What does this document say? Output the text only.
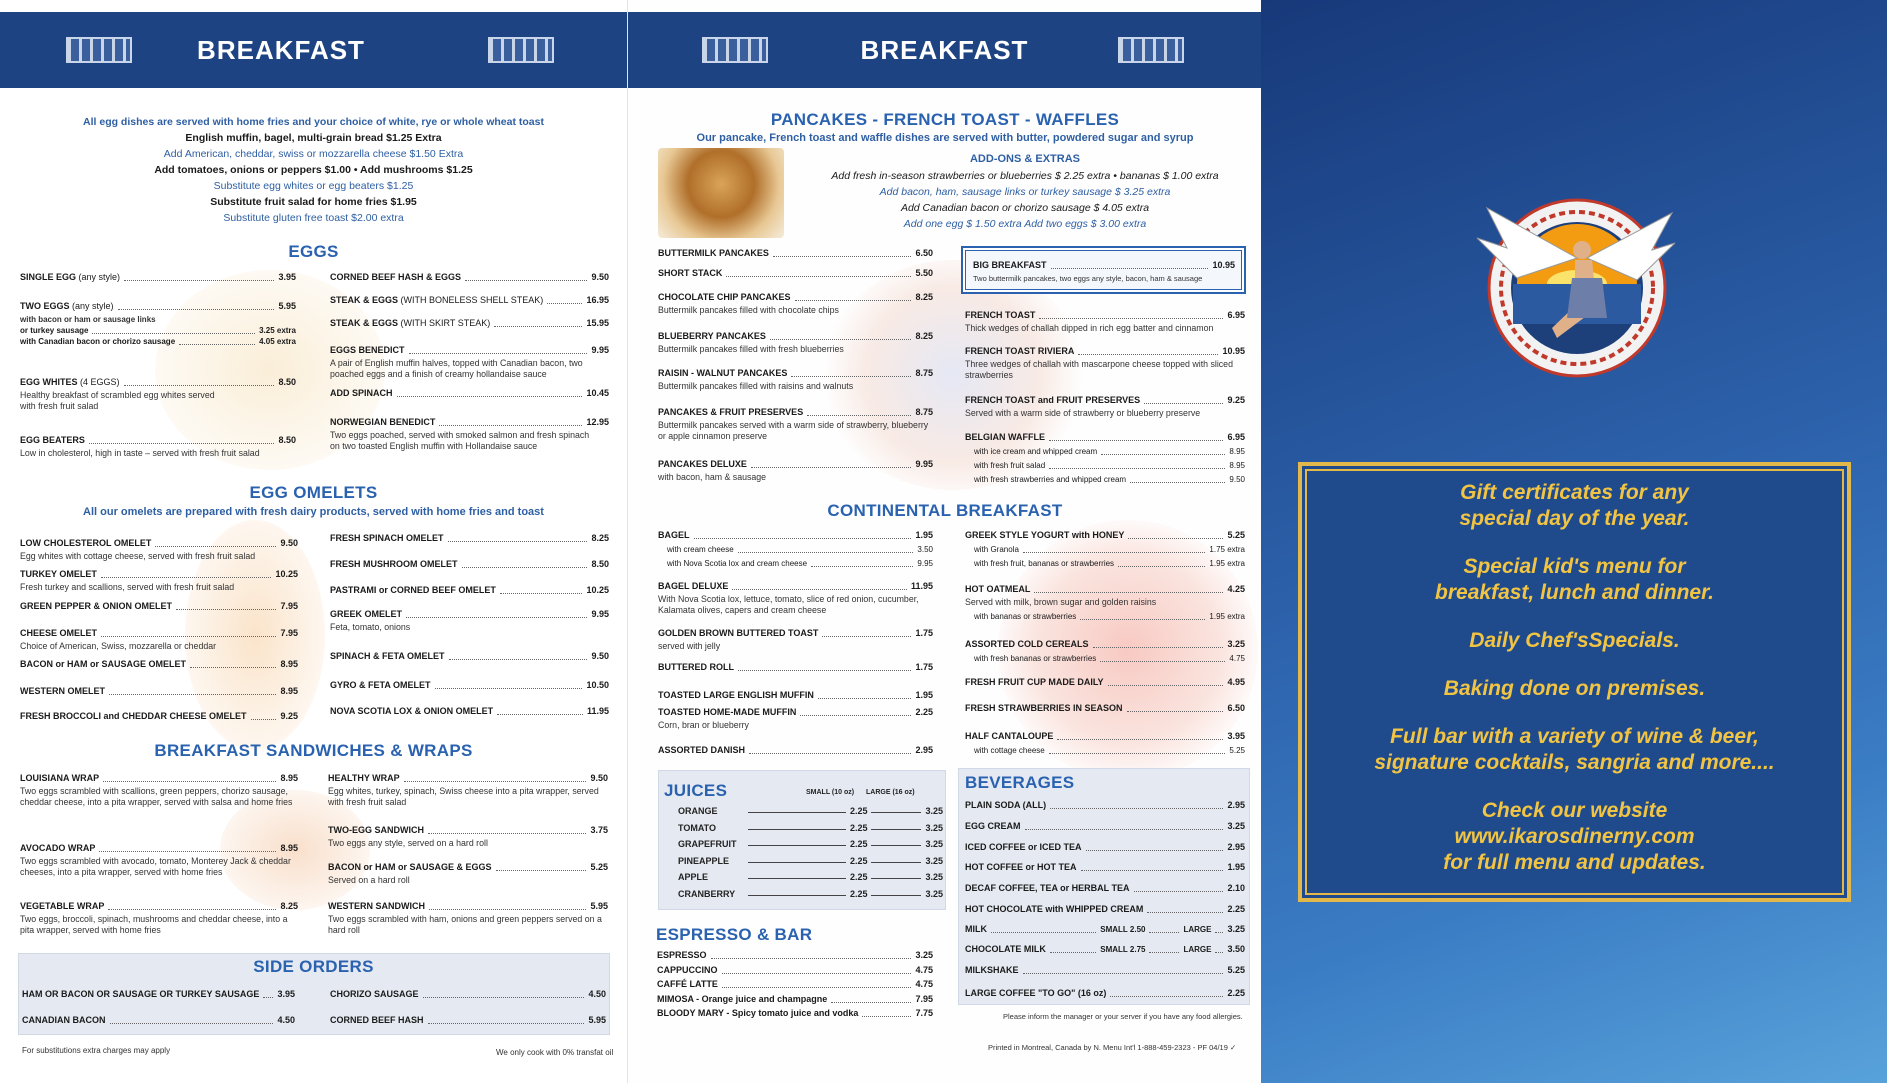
BREAKFAST
All egg dishes are served with home fries and your choice of white, rye or whole wheat toast
English muffin, bagel, multi-grain bread $1.25 Extra
Add American, cheddar, swiss or mozzarella cheese $1.50 Extra
Add tomatoes, onions or peppers $1.00 • Add mushrooms $1.25
Substitute egg whites or egg beaters $1.25
Substitute fruit salad for home fries $1.95
Substitute gluten free toast $2.00 extra
EGGS
SINGLE EGG (any style)	3.95
TWO EGGS (any style)	5.95
with bacon or ham or sausage links
or turkey sausage	3.25 extra
with Canadian bacon or chorizo sausage	4.05 extra
EGG WHITES (4 EGGS)	8.50
Healthy breakfast of scrambled egg whites served with fresh fruit salad
EGG BEATERS	8.50
Low in cholesterol, high in taste – served with fresh fruit salad
CORNED BEEF HASH & EGGS	9.50
STEAK & EGGS (WITH BONELESS SHELL STEAK)	16.95
STEAK & EGGS (WITH SKIRT STEAK)	15.95
EGGS BENEDICT	9.95
A pair of English muffin halves, topped with Canadian bacon, two poached eggs and a finish of creamy hollandaise sauce
ADD SPINACH	10.45
NORWEGIAN BENEDICT	12.95
Two eggs poached, served with smoked salmon and fresh spinach on two toasted English muffin with Hollandaise sauce
EGG OMELETS
All our omelets are prepared with fresh dairy products, served with home fries and toast
BREAKFAST SANDWICHES & WRAPS
SIDE ORDERS
For substitutions extra charges may apply	We only cook with 0% transfat oil
LOW CHOLESTEROL OMELET	9.50
Egg whites with cottage cheese, served with fresh fruit salad
TURKEY OMELET	10.25
Fresh turkey and scallions, served with fresh fruit salad
GREEN PEPPER & ONION OMELET	7.95
CHEESE OMELET	7.95
Choice of American, Swiss, mozzarella or cheddar
BACON or HAM or SAUSAGE OMELET	8.95
WESTERN OMELET	8.95
FRESH BROCCOLI and CHEDDAR CHEESE OMELET	9.25
FRESH SPINACH OMELET	8.25
FRESH MUSHROOM OMELET	8.50
PASTRAMI or CORNED BEEF OMELET	10.25
GREEK OMELET	9.95
Feta, tomato, onions
SPINACH & FETA OMELET	9.50
GYRO & FETA OMELET	10.50
NOVA SCOTIA LOX & ONION OMELET	11.95
LOUISIANA WRAP	8.95
Two eggs scrambled with scallions, green peppers, chorizo sausage, cheddar cheese, into a pita wrapper, served with salsa and home fries
AVOCADO WRAP	8.95
Two eggs scrambled with avocado, tomato, Monterey Jack & cheddar cheeses, into a pita wrapper, served with home fries
VEGETABLE WRAP	8.25
Two eggs, broccoli, spinach, mushrooms and cheddar cheese, into a pita wrapper, served with home fries
HEALTHY WRAP	9.50
Egg whites, turkey, spinach, Swiss cheese into a pita wrapper, served with fresh fruit salad
TWO-EGG SANDWICH	3.75
Two eggs any style, served on a hard roll
BACON or HAM or SAUSAGE & EGGS	5.25
Served on a hard roll
WESTERN SANDWICH	5.95
Two eggs scrambled with ham, onions and green peppers served on a hard roll
HAM OR BACON OR SAUSAGE OR TURKEY SAUSAGE 3.95	CHORIZO SAUSAGE	4.50
CANADIAN BACON	4.50	CORNED BEEF HASH	5.95
BREAKFAST
PANCAKES - FRENCH TOAST - WAFFLES
Our pancake, French toast and waffle dishes are served with butter, powdered sugar and syrup
ADD-ONS & EXTRAS
Add fresh in-season strawberries or blueberries $ 2.25 extra • bananas $ 1.00 extra
Add bacon, ham, sausage links or turkey sausage $ 3.25 extra
Add Canadian bacon or chorizo sausage $ 4.05 extra
Add one egg $ 1.50 extra Add two eggs $ 3.00 extra
BIG BREAKFAST	10.95
Two buttermilk pancakes, two eggs any style, bacon, ham & sausage
BELGIAN WAFFLE	6.95
with ice cream and whipped cream	8.95
with fresh fruit salad	8.95
with fresh strawberries and whipped cream	9.50
CONTINENTAL BREAKFAST
BAGEL	1.95
with cream cheese	3.50
with Nova Scotia lox and cream cheese	9.95
GREEK STYLE YOGURT with HONEY	5.25
with Granola	1.75 extra
with fresh fruit, bananas or strawberries	1.95 extra
HOT OATMEAL	4.25
Served with milk, brown sugar and golden raisins
with bananas or strawberries	1.95 extra
ASSORTED COLD CEREALS	3.25
with fresh bananas or strawberries	4.75
HALF CANTALOUPE	3.95
with cottage cheese	5.25
JUICES	SMALL (10 oz) LARGE (16 oz)
ESPRESSO & BAR
BEVERAGES
Please inform the manager or your server if you have any food allergies.
Printed in Montreal, Canada by N. Menu Int'l 1-888-459-2323 - PF 04/19 ✓
BUTTERMILK PANCAKES	6.50
SHORT STACK	5.50
CHOCOLATE CHIP PANCAKES	8.25
Buttermilk pancakes filled with chocolate chips
BLUEBERRY PANCAKES	8.25
Buttermilk pancakes filled with fresh blueberries
RAISIN - WALNUT PANCAKES	8.75
Buttermilk pancakes filled with raisins and walnuts
PANCAKES & FRUIT PRESERVES	8.75
Buttermilk pancakes served with a warm side of strawberry, blueberry or apple cinnamon preserve
PANCAKES DELUXE	9.95
with bacon, ham & sausage
FRENCH TOAST	6.95
Thick wedges of challah dipped in rich egg batter and cinnamon
FRENCH TOAST RIVIERA	10.95
Three wedges of challah with mascarpone cheese topped with sliced strawberries
FRENCH TOAST and FRUIT PRESERVES	9.25
Served with a warm side of strawberry or blueberry preserve
BAGEL DELUXE	11.95
With Nova Scotia lox, lettuce, tomato, slice of red onion, cucumber, Kalamata olives, capers and cream cheese
GOLDEN BROWN BUTTERED TOAST	1.75
served with jelly
BUTTERED ROLL	1.75
TOASTED LARGE ENGLISH MUFFIN	1.95
TOASTED HOME-MADE MUFFIN	2.25
Corn, bran or blueberry
ASSORTED DANISH	2.95
FRESH FRUIT CUP MADE DAILY	4.95
FRESH STRAWBERRIES IN SEASON	6.50
ORANGE	2.25	3.25
TOMATO	2.25	3.25
GRAPEFRUIT	2.25	3.25
PINEAPPLE	2.25	3.25
APPLE	2.25	3.25
CRANBERRY	2.25	3.25
ESPRESSO	3.25
CAPPUCCINO	4.75
CAFFÉ LATTE	4.75
MIMOSA - Orange juice and champagne	7.95
BLOODY MARY - Spicy tomato juice and vodka	7.75
PLAIN SODA (ALL)	2.95
EGG CREAM	3.25
ICED COFFEE or ICED TEA	2.95
HOT COFFEE or HOT TEA	1.95
DECAF COFFEE, TEA or HERBAL TEA	2.10
HOT CHOCOLATE with WHIPPED CREAM	2.25
MILK	SMALL 2.50	LARGE 3.25
CHOCOLATE MILK	SMALL 2.75	LARGE 3.50
MILKSHAKE	5.25
LARGE COFFEE "TO GO" (16 oz)	2.25
Gift certificates for any
special day of the year.
Special kid's menu for
breakfast, lunch and dinner.
Daily Chef'sSpecials.
Baking done on premises.
Full bar with a variety of wine & beer,
signature cocktails, sangria and more....
Check our website
www.ikarosdinerny.com
for full menu and updates.
